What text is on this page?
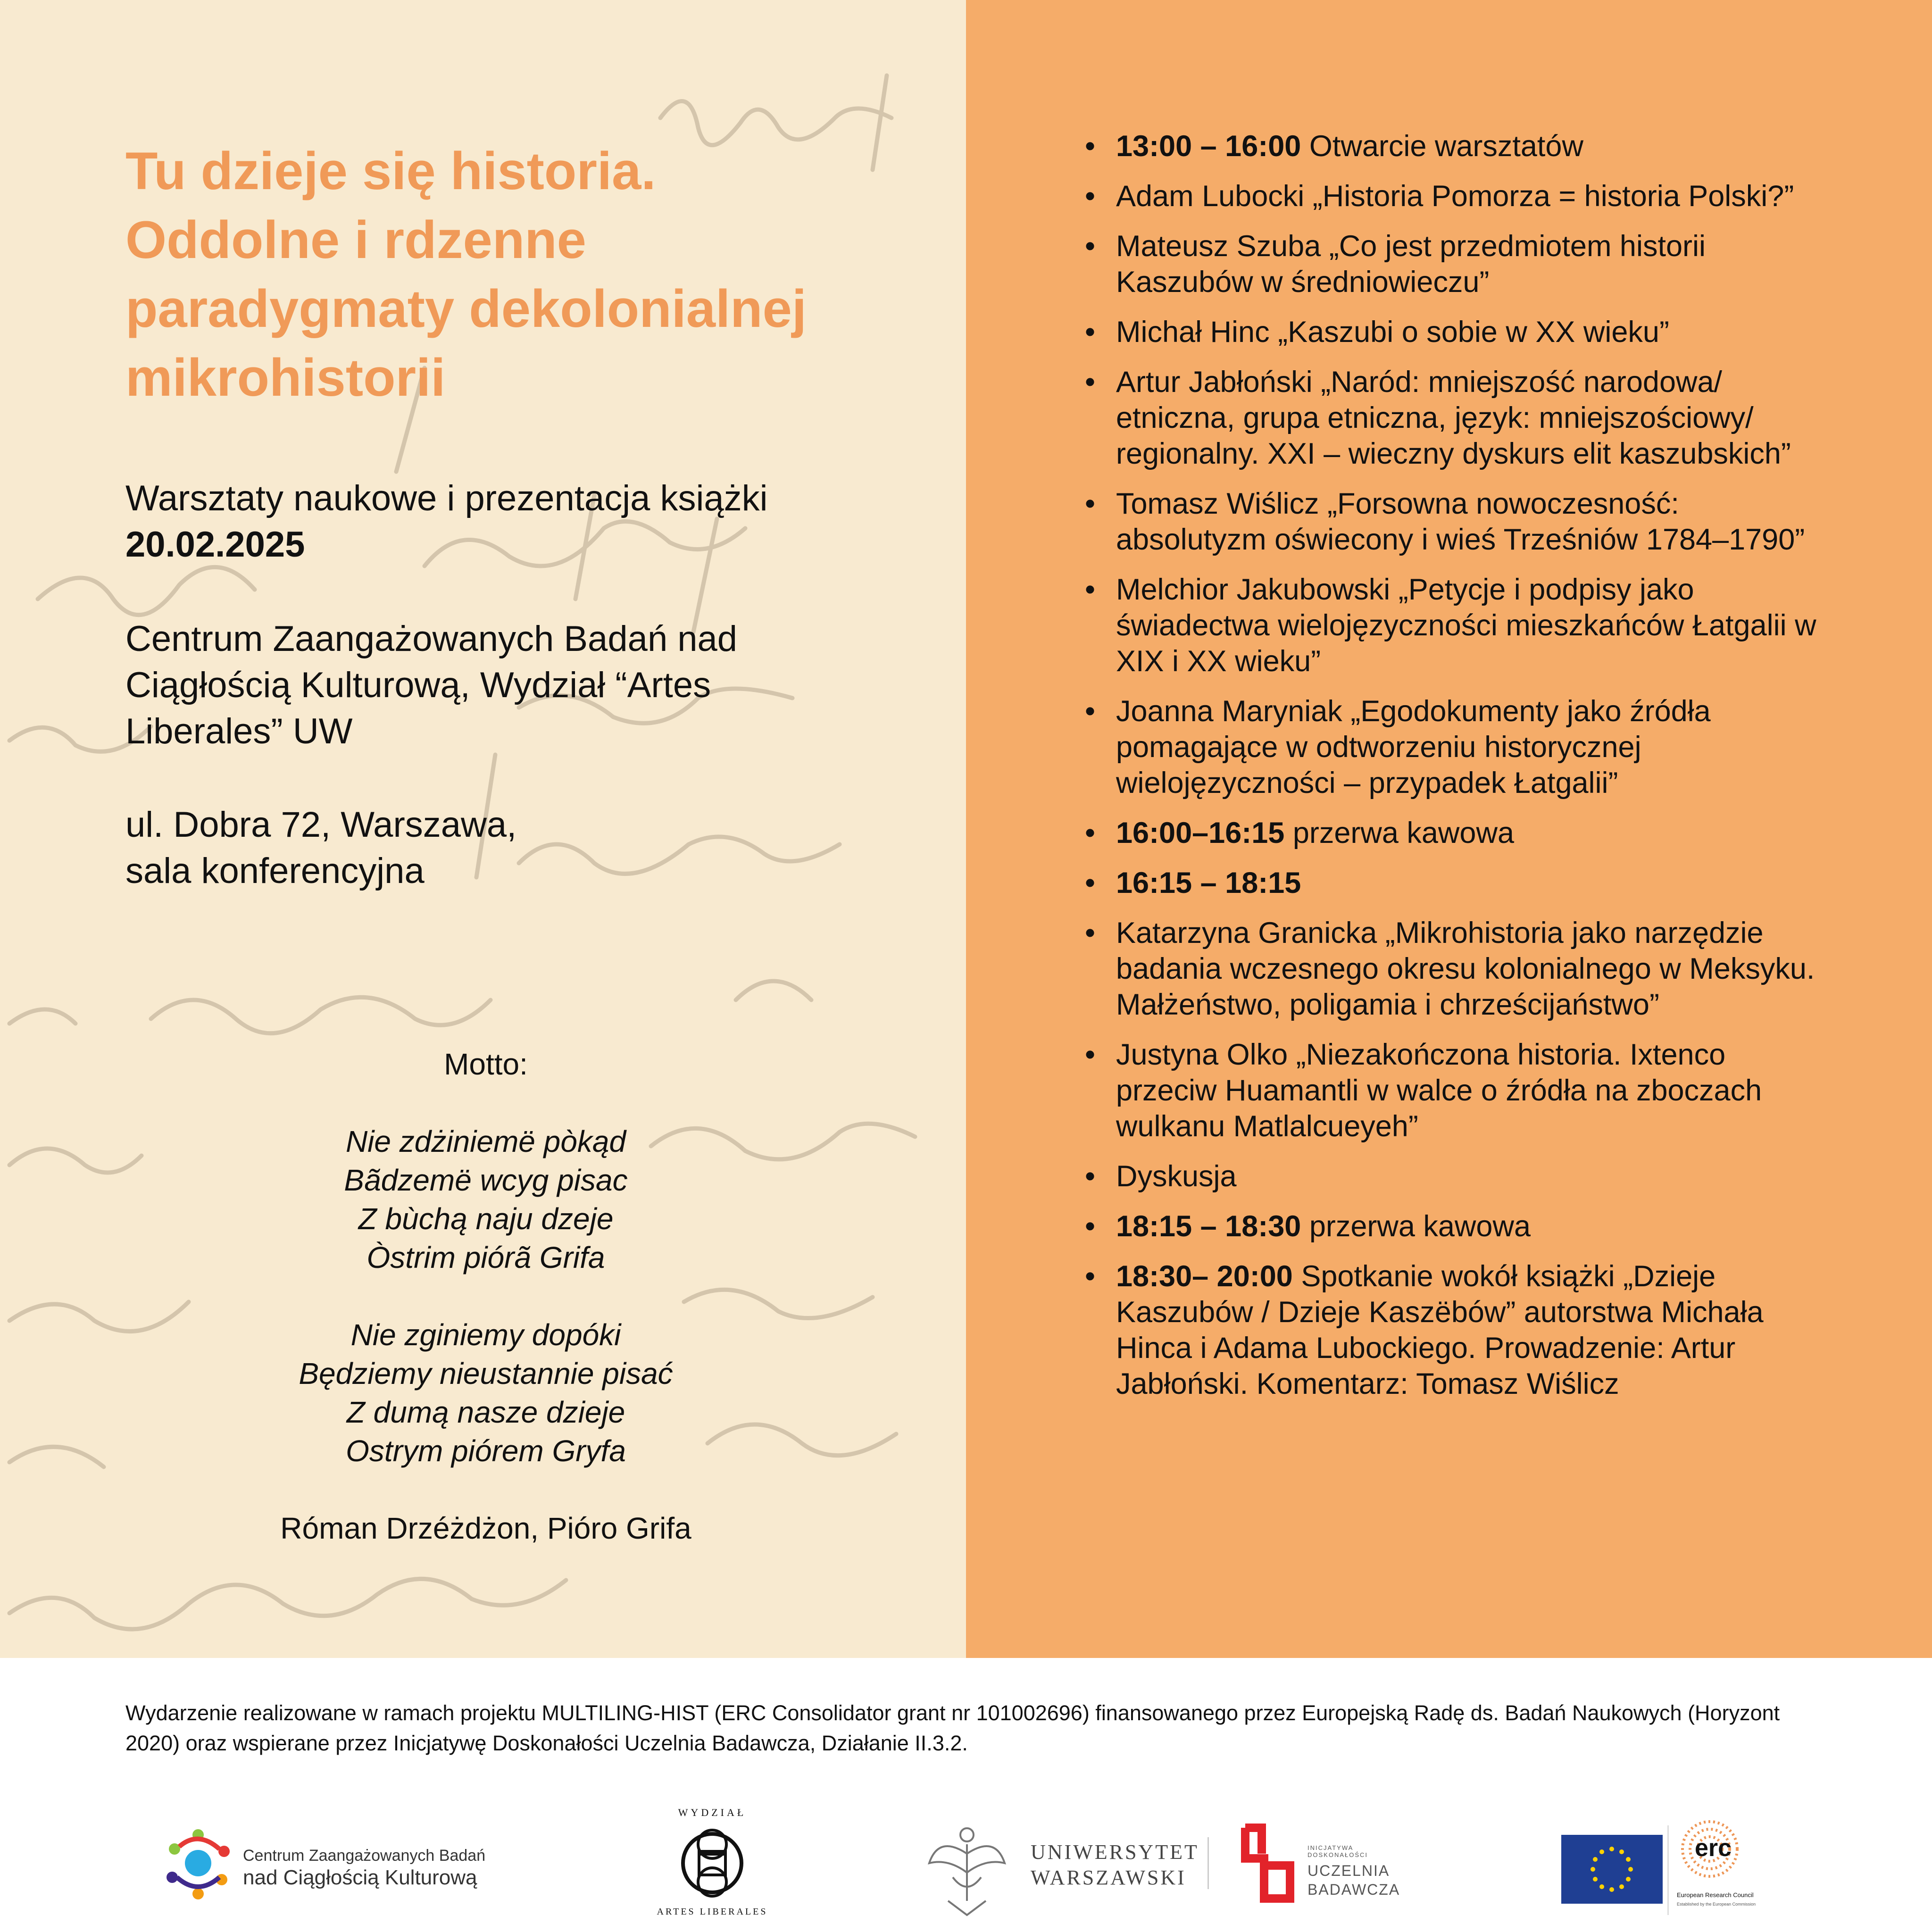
Tu dzieje się historia.
Oddolne i rdzenne
paradygmaty dekolonialnej
mikrohistorii
Warsztaty naukowe i prezentacja książki
20.02.2025
Centrum Zaangażowanych Badań nad
Ciągłością Kulturową, Wydział “Artes
Liberales” UW
ul. Dobra 72, Warszawa,
sala konferencyjna
Motto:
Nie zdżiniemë pòkąd
Bãdzemë wcyg pisac
Z bùchą naju dzeje
Òstrim piórã Grifa
Nie zginiemy dopóki
Będziemy nieustannie pisać
Z dumą nasze dzieje
Ostrym piórem Gryfa
Róman Drzéżdżon, Pióro Grifa
• 13:00 – 16:00 Otwarcie warsztatów
• Adam Lubocki „Historia Pomorza = historia Polski?”
• Mateusz Szuba „Co jest przedmiotem historii Kaszubów w średniowieczu”
• Michał Hinc „Kaszubi o sobie w XX wieku”
• Artur Jabłoński „Naród: mniejszość narodowa/ etniczna, grupa etniczna, język: mniejszościowy/ regionalny. XXI – wieczny dyskurs elit kaszubskich”
• Tomasz Wiślicz „Forsowna nowoczesność: absolutyzm oświecony i wieś Trześniów 1784–1790”
• Melchior Jakubowski „Petycje i podpisy jako świadectwa wielojęzyczności mieszkańców Łatgalii w XIX i XX wieku”
• Joanna Maryniak „Egodokumenty jako źródła pomagające w odtworzeniu historycznej wielojęzyczności – przypadek Łatgalii”
• 16:00–16:15 przerwa kawowa
• 16:15 – 18:15
• Katarzyna Granicka „Mikrohistoria jako narzędzie badania wczesnego okresu kolonialnego w Meksyku. Małżeństwo, poligamia i chrześcijaństwo”
• Justyna Olko „Niezakończona historia. Ixtenco przeciw Huamantli w walce o źródła na zboczach wulkanu Matlalcueyeh”
• Dyskusja
• 18:15 – 18:30 przerwa kawowa
• 18:30– 20:00 Spotkanie wokół książki „Dzieje Kaszubów / Dzieje Kaszëbów” autorstwa Michała Hinca i Adama Lubockiego. Prowadzenie: Artur Jabłoński. Komentarz: Tomasz Wiślicz
Wydarzenie realizowane w ramach projektu MULTILING-HIST (ERC Consolidator grant nr 101002696) finansowanego przez Europejską Radę ds. Badań Naukowych (Horyzont 2020) oraz wspierane przez Inicjatywę Doskonałości Uczelnia Badawcza, Działanie II.3.2.
Centrum Zaangażowanych Badań
nad Ciągłością Kulturową
WYDZIAŁ
ARTES LIBERALES
UNIWERSYTET
WARSZAWSKI
INICJATYWA DOSKONAŁOŚCI
UCZELNIA
BADAWCZA
erc
European Research Council
Established by the European Commission
